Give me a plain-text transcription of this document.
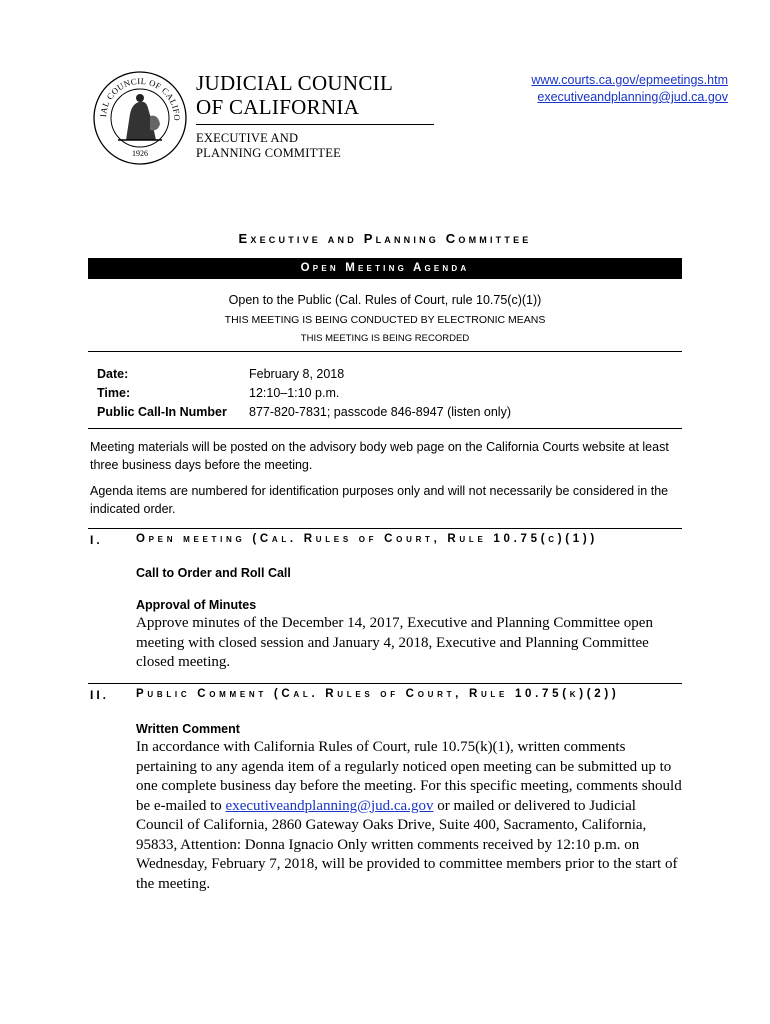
IAL COUNCIL OF CALIFO
1926
JUDICIAL COUNCIL
OF CALIFORNIA
EXECUTIVE AND
PLANNING COMMITTEE
www.courts.ca.gov/epmeetings.htm
executiveandplanning@jud.ca.gov
Executive and Planning Committee
Open Meeting Agenda
Open to the Public (Cal. Rules of Court, rule 10.75(c)(1))
THIS MEETING IS BEING CONDUCTED BY ELECTRONIC MEANS
THIS MEETING IS BEING RECORDED
Date:	February 8, 2018
Time:	12:10–1:10 p.m.
Public Call-In Number 877-820-7831; passcode 846-8947 (listen only)
Meeting materials will be posted on the advisory body web page on the California Courts website at least three business days before the meeting.
Agenda items are numbered for identification purposes only and will not necessarily be considered in the indicated order.
I.	Open meeting (Cal. Rules of Court, Rule 10.75(c)(1))
Call to Order and Roll Call
Approval of Minutes
Approve minutes of the December 14, 2017, Executive and Planning Committee open meeting with closed session and January 4, 2018, Executive and Planning Committee closed meeting.
II. Public Comment (Cal. Rules of Court, Rule 10.75(k)(2))
Written Comment
In accordance with California Rules of Court, rule 10.75(k)(1), written comments pertaining to any agenda item of a regularly noticed open meeting can be submitted up to one complete business day before the meeting. For this specific meeting, comments should be e-mailed to executiveandplanning@jud.ca.gov or mailed or delivered to Judicial Council of California, 2860 Gateway Oaks Drive, Suite 400, Sacramento, California, 95833, Attention: Donna Ignacio Only written comments received by 12:10 p.m. on Wednesday, February 7, 2018, will be provided to committee members prior to the start of the meeting.
